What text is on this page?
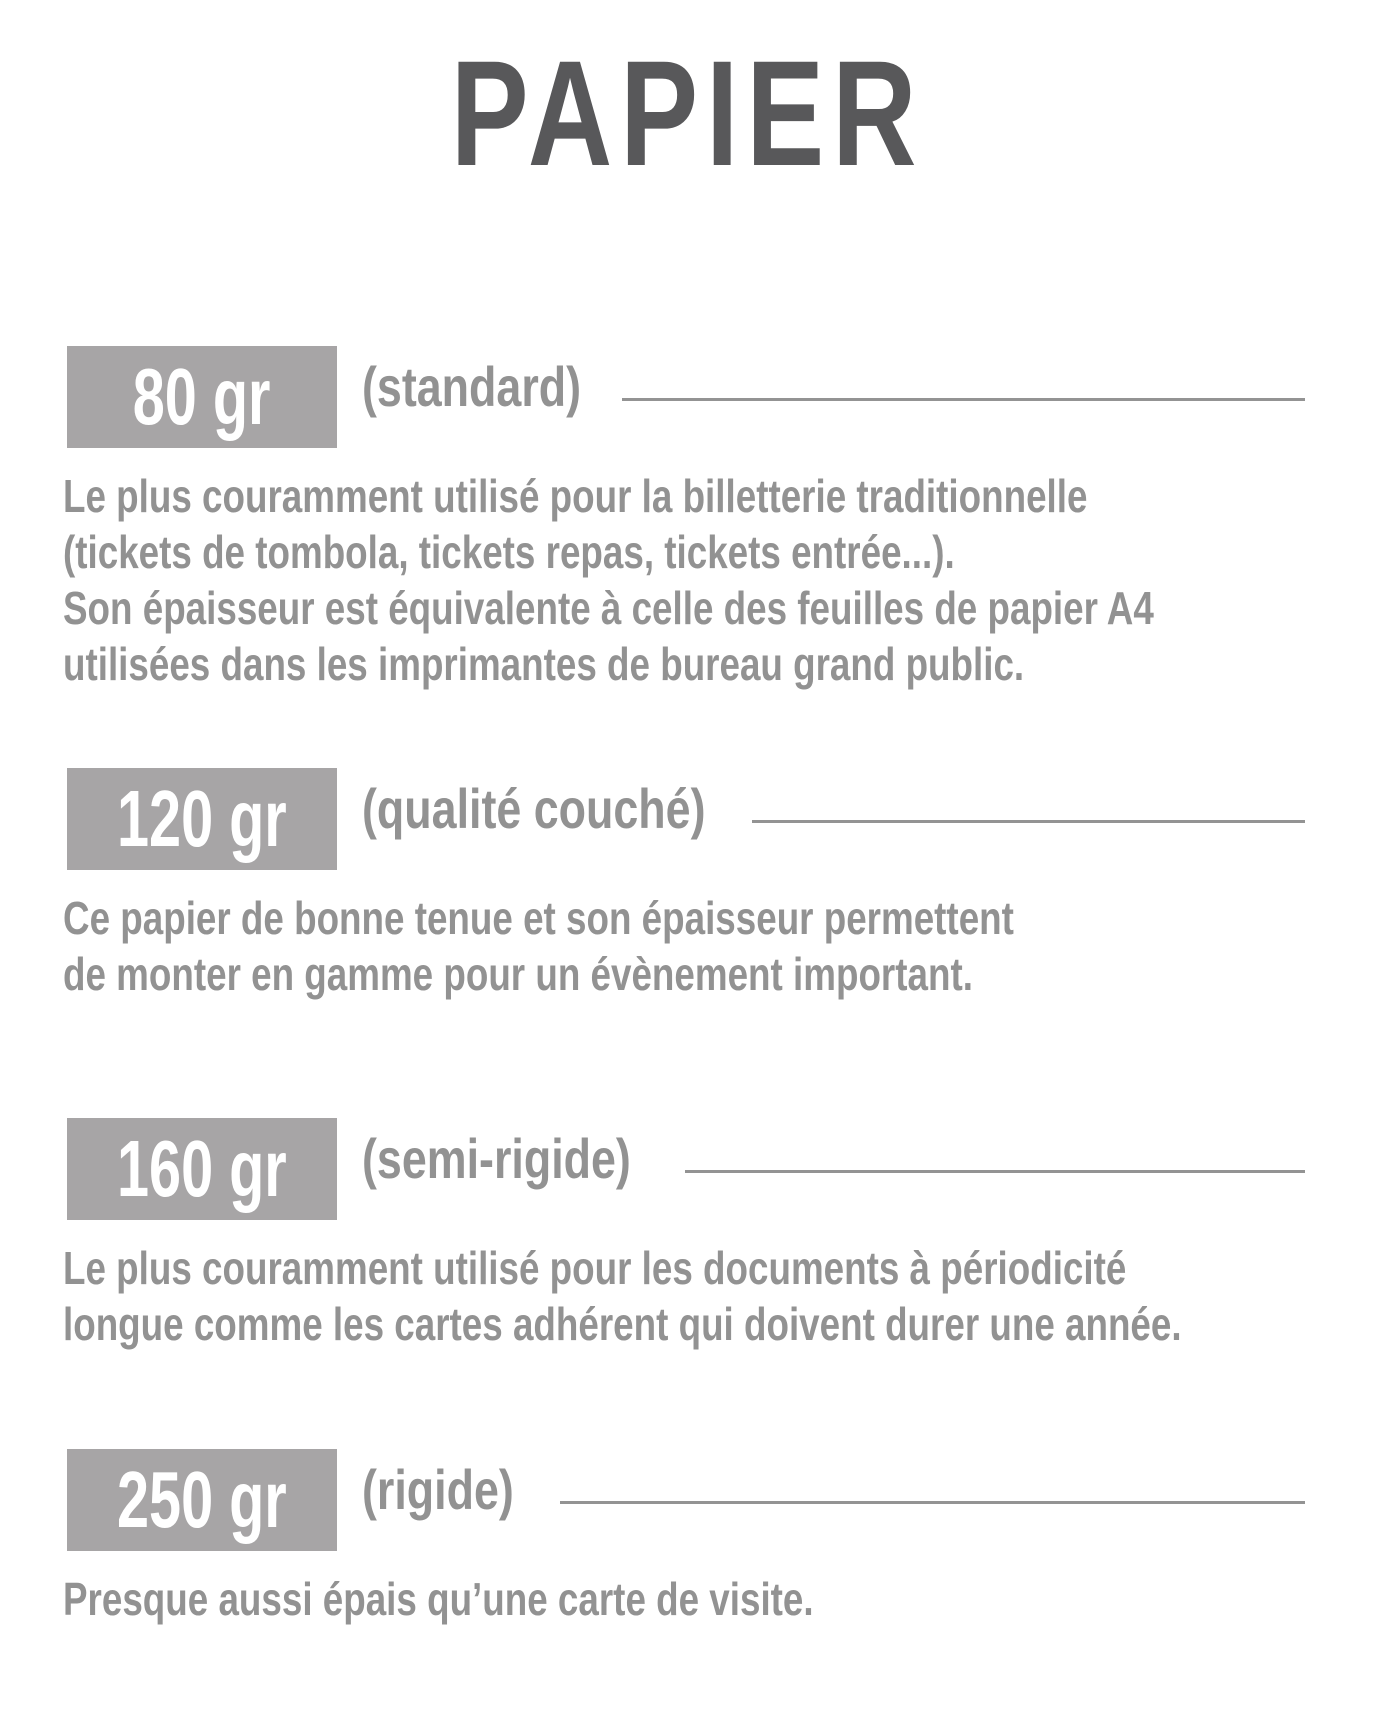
PAPIER
80 gr (standard)
Le plus couramment utilisé pour la billetterie traditionnelle
(tickets de tombola, tickets repas, tickets entrée...).
Son épaisseur est équivalente à celle des feuilles de papier A4
utilisées dans les imprimantes de bureau grand public.
120 gr (qualité couché)
Ce papier de bonne tenue et son épaisseur permettent
de monter en gamme pour un évènement important.
160 gr (semi-rigide)
Le plus couramment utilisé pour les documents à périodicité
longue comme les cartes adhérent qui doivent durer une année.
250 gr (rigide)
Presque aussi épais qu’une carte de visite.
